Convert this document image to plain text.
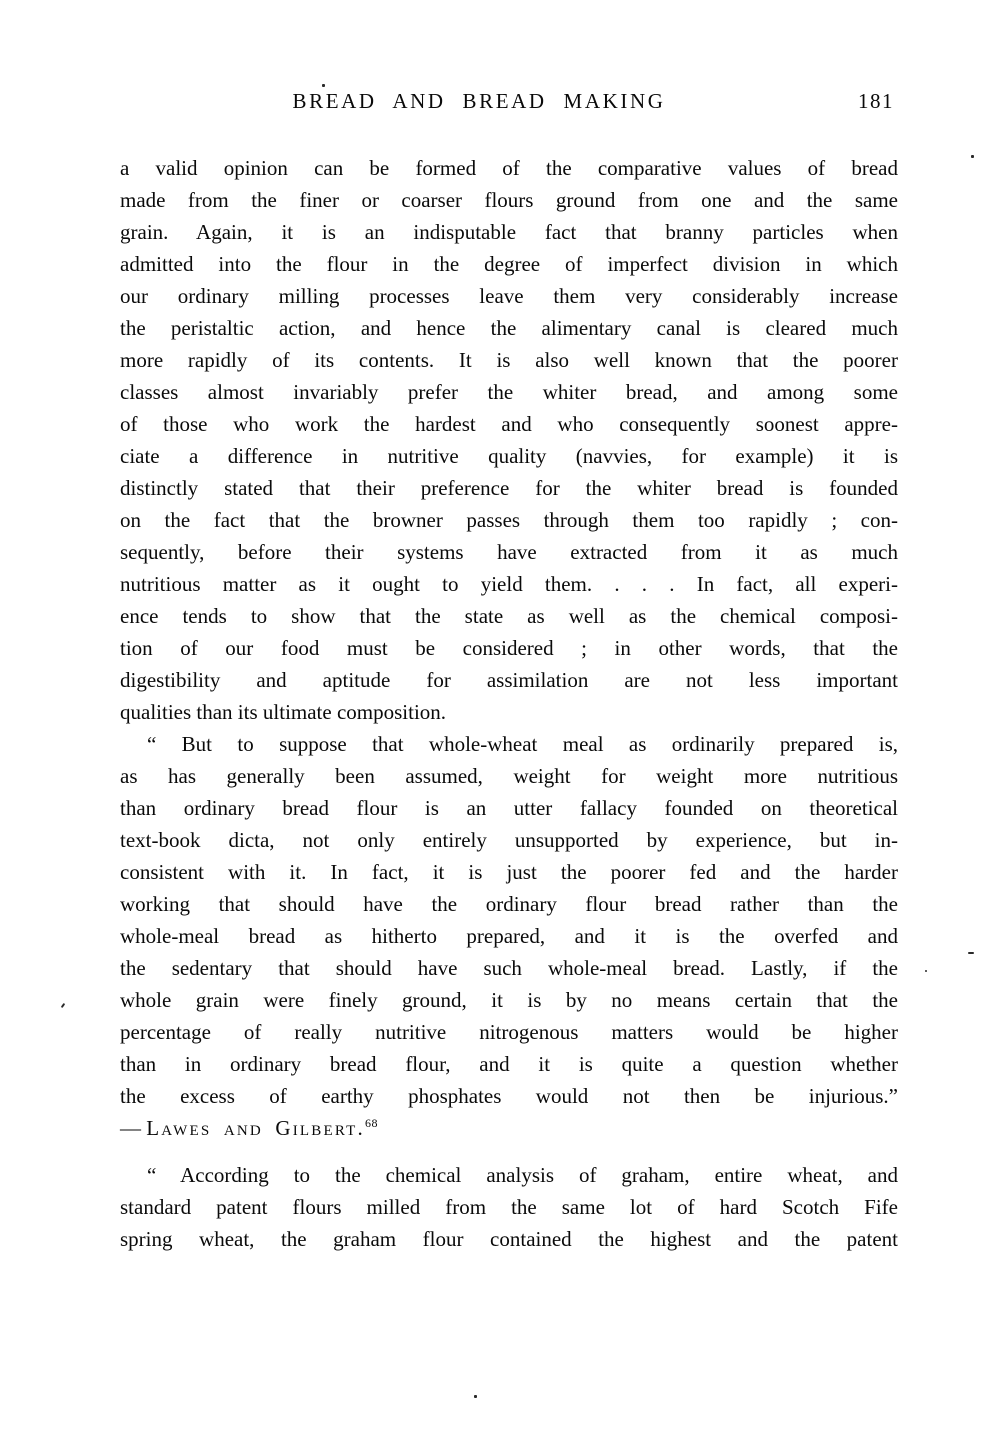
BREAD AND BREAD MAKING	181
a valid opinion can be formed of the comparative values of bread
made from the finer or coarser flours ground from one and the same
grain. Again, it is an indisputable fact that branny particles when
admitted into the flour in the degree of imperfect division in which
our ordinary milling processes leave them very considerably increase
the peristaltic action, and hence the alimentary canal is cleared much
more rapidly of its contents. It is also well known that the poorer
classes almost invariably prefer the whiter bread, and among some
of those who work the hardest and who consequently soonest appre-
ciate a difference in nutritive quality (navvies, for example) it is
distinctly stated that their preference for the whiter bread is founded
on the fact that the browner passes through them too rapidly ; con-
sequently, before their systems have extracted from it as much
nutritious matter as it ought to yield them. . . . In fact, all experi-
ence tends to show that the state as well as the chemical composi-
tion of our food must be considered ; in other words, that the
digestibility and aptitude for assimilation are not less important
qualities than its ultimate composition.
“ But to suppose that whole-wheat meal as ordinarily prepared is,
as has generally been assumed, weight for weight more nutritious
than ordinary bread flour is an utter fallacy founded on theoretical
text-book dicta, not only entirely unsupported by experience, but in-
consistent with it. In fact, it is just the poorer fed and the harder
working that should have the ordinary flour bread rather than the
whole-meal bread as hitherto prepared, and it is the overfed and
the sedentary that should have such whole-meal bread. Lastly, if the
whole grain were finely ground, it is by no means certain that the
percentage of really nutritive nitrogenous matters would be higher
than in ordinary bread flour, and it is quite a question whether
the excess of earthy phosphates would not then be injurious.”
— Lawes and Gilbert.$^{68}$
“ According to the chemical analysis of graham, entire wheat, and
standard patent flours milled from the same lot of hard Scotch Fife
spring wheat, the graham flour contained the highest and the patent
